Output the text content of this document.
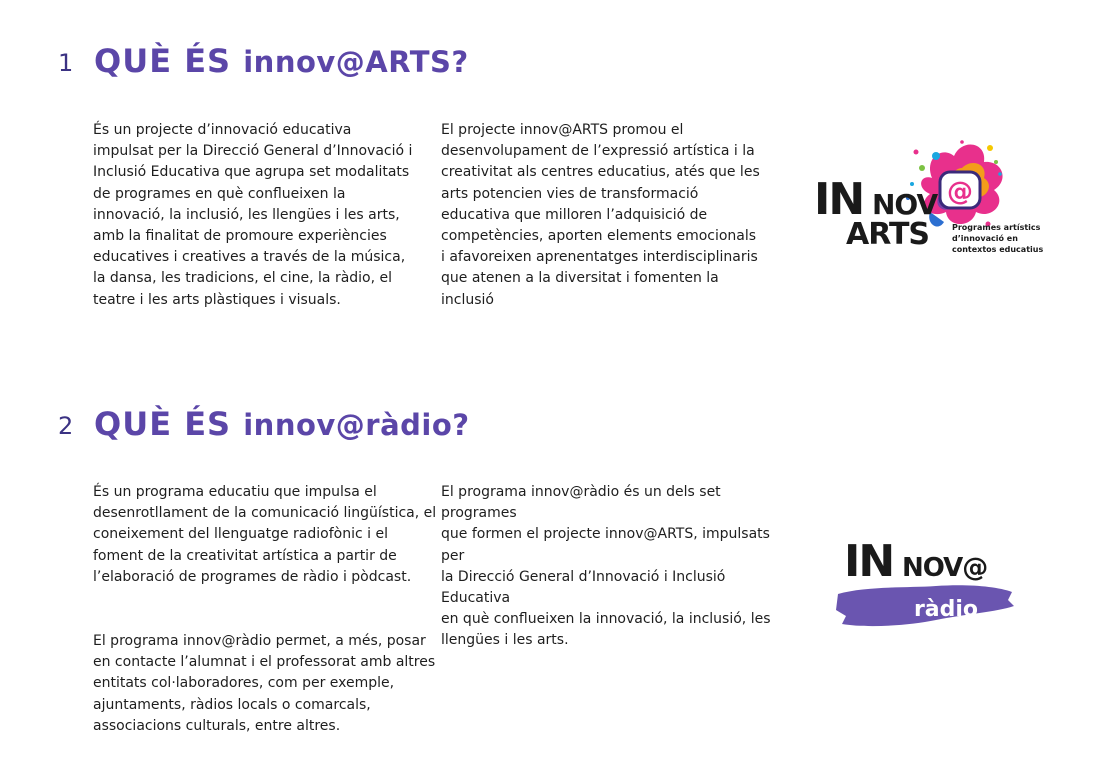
1 QUÈ ÉS innov@ARTS?

És un projecte d’innovació educativa
impulsat per la Direcció General d’Innovació i
Inclusió Educativa que agrupa set modalitats
de programes en què conflueixen la
innovació, la inclusió, les llengües i les arts,
amb la finalitat de promoure experiències
educatives i creatives a través de la música,
la dansa, les tradicions, el cine, la ràdio, el
teatre i les arts plàstiques i visuals.

El projecte innov@ARTS promou el
desenvolupament de l’expressió artística i la
creativitat als centres educatius, atés que les
arts potencien vies de transformació
educativa que milloren l’adquisició de
competències, aporten elements emocionals
i afavoreixen aprenentatges interdisciplinaris
que atenen a la diversitat i fomenten la
inclusió

@
IN NOV
ARTS	Programes artístics
d’innovació en
contextos educatius
2 QUÈ ÉS innov@ràdio?

És un programa educatiu que impulsa el
desenrotllament de la comunicació lingüística, el
coneixement del llenguatge radiofònic i el
foment de la creativitat artística a partir de
l’elaboració de programes de ràdio i pòdcast.

El programa innov@ràdio permet, a més, posar
en contacte l’alumnat i el professorat amb altres
entitats col·laboradores, com per exemple,
ajuntaments, ràdios locals o comarcals,
associacions culturals, entre altres.

El programa innov@ràdio és un dels set programes
que formen el projecte innov@ARTS, impulsats per
la Direcció General d’Innovació i Inclusió Educativa
en què conflueixen la innovació, la inclusió, les
llengües i les arts.

IN NOV@
ràdio
